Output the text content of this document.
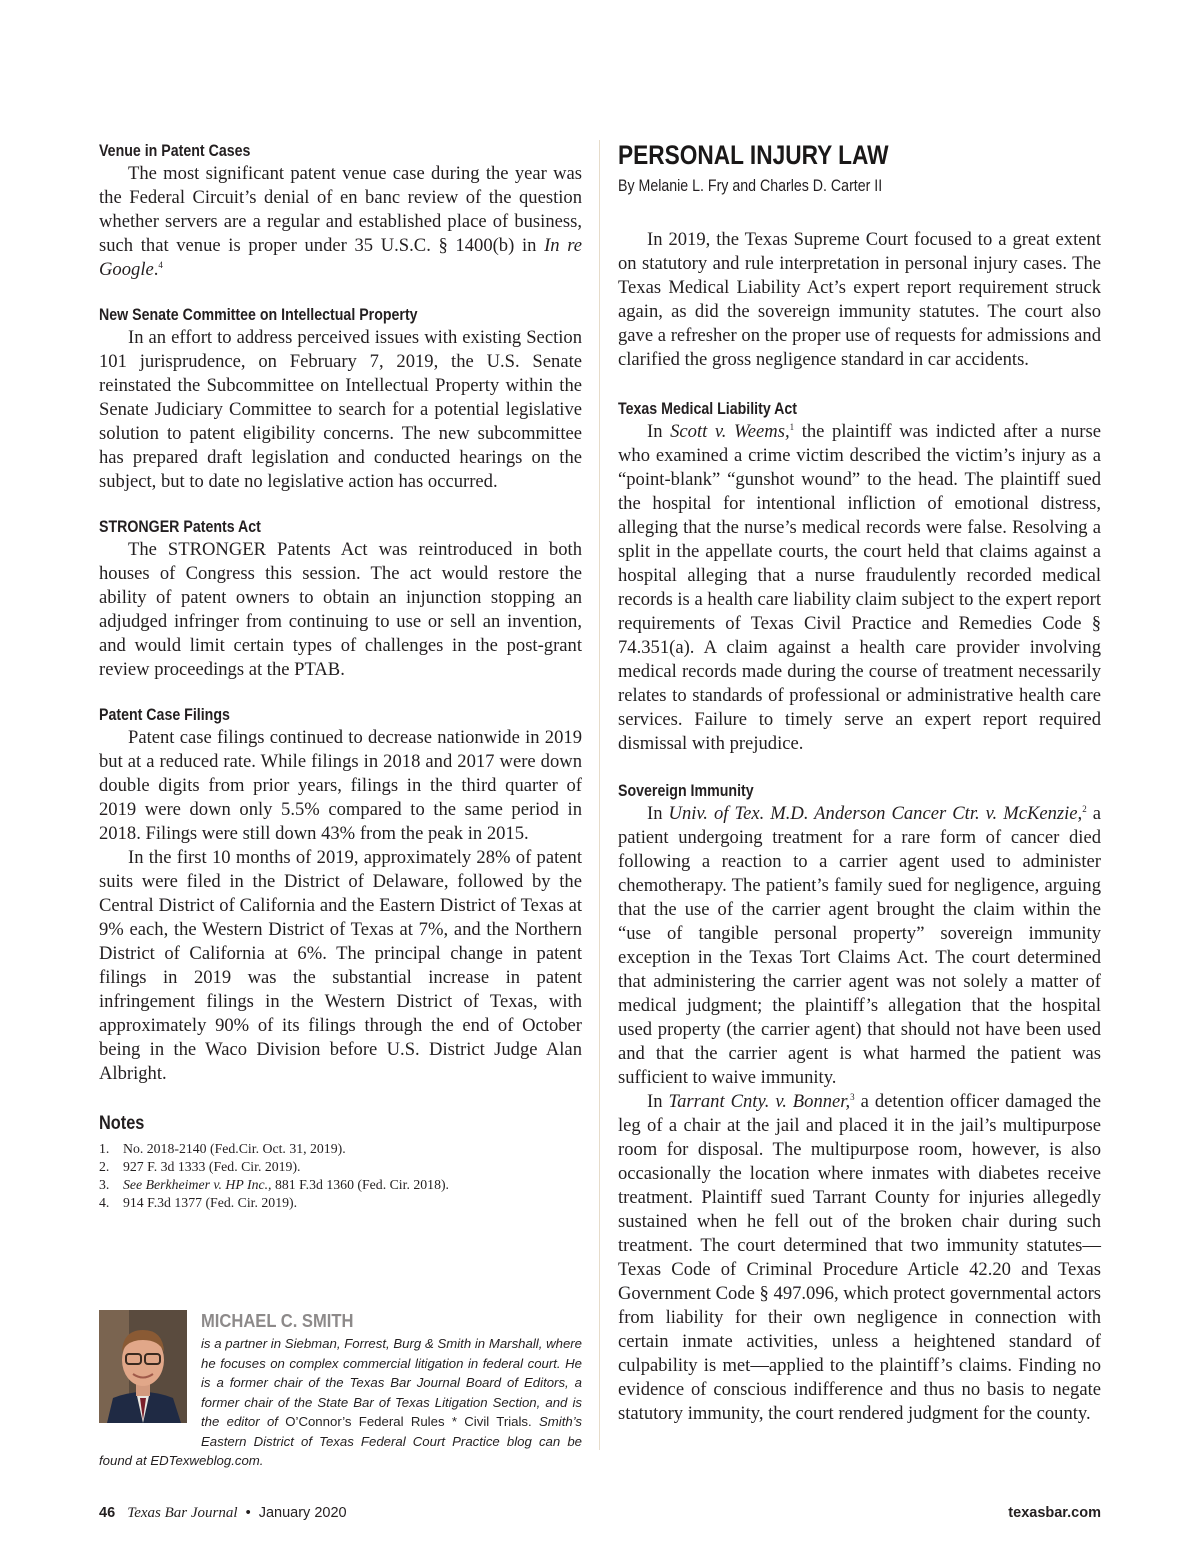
Venue in Patent Cases

The most significant patent venue case during the year was the Federal Circuit’s denial of en banc review of the question whether servers are a regular and established place of business, such that venue is proper under 35 U.S.C. § 1400(b) in In re Google.$^4$

New Senate Committee on Intellectual Property

In an effort to address perceived issues with existing Section 101 jurisprudence, on February 7, 2019, the U.S. Senate reinstated the Subcommittee on Intellectual Property within the Senate Judiciary Committee to search for a potential legislative solution to patent eligibility concerns. The new subcommittee has prepared draft legislation and conducted hearings on the subject, but to date no legislative action has occurred.

STRONGER Patents Act

The STRONGER Patents Act was reintroduced in both houses of Congress this session. The act would restore the ability of patent owners to obtain an injunction stopping an adjudged infringer from continuing to use or sell an invention, and would limit certain types of challenges in the post-grant review proceedings at the PTAB.

Patent Case Filings

Patent case filings continued to decrease nationwide in 2019 but at a reduced rate. While filings in 2018 and 2017 were down double digits from prior years, filings in the third quarter of 2019 were down only 5.5% compared to the same period in 2018. Filings were still down 43% from the peak in 2015.

In the first 10 months of 2019, approximately 28% of patent suits were filed in the District of Delaware, followed by the Central District of California and the Eastern District of Texas at 9% each, the Western District of Texas at 7%, and the Northern District of California at 6%. The principal change in patent filings in 2019 was the substantial increase in patent infringement filings in the Western District of Texas, with approximately 90% of its filings through the end of October being in the Waco Division before U.S. District Judge Alan Albright.

Notes
1. No. 2018-2140 (Fed.Cir. Oct. 31, 2019).
2. 927 F. 3d 1333 (Fed. Cir. 2019).
3. See Berkheimer v. HP Inc., 881 F.3d 1360 (Fed. Cir. 2018).
4. 914 F.3d 1377 (Fed. Cir. 2019).
MICHAEL C. SMITH

is a partner in Siebman, Forrest, Burg & Smith in Marshall, where he focuses on complex commercial litigation in federal court. He is a former chair of the Texas Bar Journal Board of Editors, a former chair of the State Bar of Texas Litigation Section, and is the editor of O’Connor’s Federal Rules * Civil Trials. Smith’s Eastern District of Texas Federal Court Practice blog can be found at EDTexweblog.com.

PERSONAL INJURY LAW

By Melanie L. Fry and Charles D. Carter II

In 2019, the Texas Supreme Court focused to a great extent on statutory and rule interpretation in personal injury cases. The Texas Medical Liability Act’s expert report requirement struck again, as did the sovereign immunity statutes. The court also gave a refresher on the proper use of requests for admissions and clarified the gross negligence standard in car accidents.

Texas Medical Liability Act

In Scott v. Weems,$^1$ the plaintiff was indicted after a nurse who examined a crime victim described the victim’s injury as a “point-blank” “gunshot wound” to the head. The plaintiff sued the hospital for intentional infliction of emotional distress, alleging that the nurse’s medical records were false. Resolving a split in the appellate courts, the court held that claims against a hospital alleging that a nurse fraudulently recorded medical records is a health care liability claim subject to the expert report requirements of Texas Civil Practice and Remedies Code § 74.351(a). A claim against a health care provider involving medical records made during the course of treatment necessarily relates to standards of professional or administrative health care services. Failure to timely serve an expert report required dismissal with prejudice.

Sovereign Immunity

In Univ. of Tex. M.D. Anderson Cancer Ctr. v. McKenzie,$^2$ a patient undergoing treatment for a rare form of cancer died following a reaction to a carrier agent used to administer chemotherapy. The patient’s family sued for negligence, arguing that the use of the carrier agent brought the claim within the “use of tangible personal property” sovereign immunity exception in the Texas Tort Claims Act. The court determined that administering the carrier agent was not solely a matter of medical judgment; the plaintiff’s allegation that the hospital used property (the carrier agent) that should not have been used and that the carrier agent is what harmed the patient was sufficient to waive immunity.

In Tarrant Cnty. v. Bonner,$^3$ a detention officer damaged the leg of a chair at the jail and placed it in the jail’s multipurpose room for disposal. The multipurpose room, however, is also occasionally the location where inmates with diabetes receive treatment. Plaintiff sued Tarrant County for injuries allegedly sustained when he fell out of the broken chair during such treatment. The court determined that two immunity statutes—Texas Code of Criminal Procedure Article 42.20 and Texas Government Code § 497.096, which protect governmental actors from liability for their own negligence in connection with certain inmate activities, unless a heightened standard of culpability is met—applied to the plaintiff’s claims. Finding no evidence of conscious indifference and thus no basis to negate statutory immunity, the court rendered judgment for the county.

46 Texas Bar Journal • January 2020	texasbar.com
